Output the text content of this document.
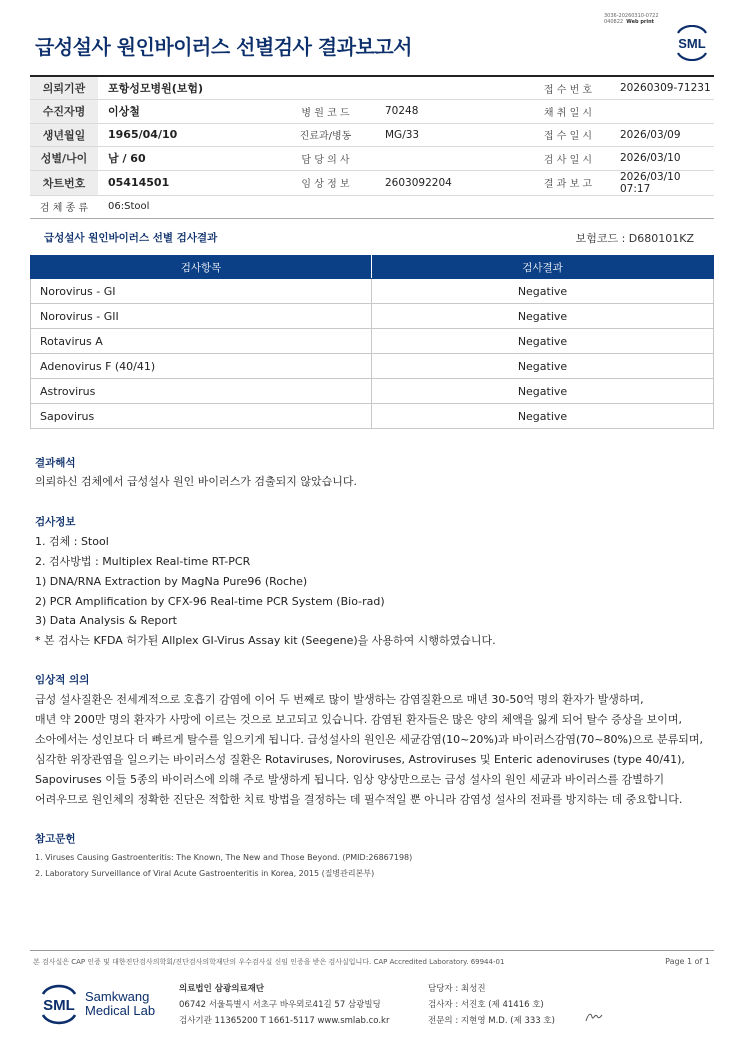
3036-20260310-0722
040822 Web print
급성설사 원인바이러스 선별검사 결과보고서	SML
의뢰기관	포항성모병원(보험)			접 수 번 호	20260309-71231
수진자명	이상철	병 원 코 드	70248	채 취 일 시	
생년월일	1965/04/10	진료과/병동	MG/33	접 수 일 시	2026/03/09
성별/나이	남 / 60	담 당 의 사		검 사 일 시	2026/03/10
차트번호	05414501	임 상 정 보	2603092204	결 과 보 고	2026/03/10 07:17
검 체 종 류	06:Stool				
급성설사 원인바이러스 선별 검사결과	보험코드 : D680101KZ
검사항목	검사결과
Norovirus - GI	Negative
Norovirus - GII	Negative
Rotavirus A	Negative
Adenovirus F (40/41)	Negative
Astrovirus	Negative
Sapovirus	Negative
결과해석
의뢰하신 검체에서 급성설사 원인 바이러스가 검출되지 않았습니다.
검사정보
1. 검체 : Stool
2. 검사방법 : Multiplex Real-time RT-PCR
1) DNA/RNA Extraction by MagNa Pure96 (Roche)
2) PCR Amplification by CFX-96 Real-time PCR System (Bio-rad)
3) Data Analysis & Report
* 본 검사는 KFDA 허가된 Allplex GI-Virus Assay kit (Seegene)을 사용하여 시행하였습니다.
임상적 의의
급성 설사질환은 전세계적으로 호흡기 감염에 이어 두 번째로 많이 발생하는 감염질환으로 매년 30-50억 명의 환자가 발생하며,
매년 약 200만 명의 환자가 사망에 이르는 것으로 보고되고 있습니다. 감염된 환자들은 많은 양의 체액을 잃게 되어 탈수 증상을 보이며,
소아에서는 성인보다 더 빠르게 탈수를 일으키게 됩니다. 급성설사의 원인은 세균감염(10~20%)과 바이러스감염(70~80%)으로 분류되며,
심각한 위장관염을 일으키는 바이러스성 질환은 Rotaviruses, Noroviruses, Astroviruses 및 Enteric adenoviruses (type 40/41),
Sapoviruses 이들 5종의 바이러스에 의해 주로 발생하게 됩니다. 임상 양상만으로는 급성 설사의 원인 세균과 바이러스를 감별하기
어려우므로 원인체의 정확한 진단은 적합한 치료 방법을 결정하는 데 필수적일 뿐 아니라 감염성 설사의 전파를 방지하는 데 중요합니다.
참고문헌
1. Viruses Causing Gastroenteritis: The Known, The New and Those Beyond. (PMID:26867198)
2. Laboratory Surveillance of Viral Acute Gastroenteritis in Korea, 2015 (질병관리본부)
본 검사실은 CAP 인증 및 대한진단검사의학회/진단검사의학재단의 우수검사실 신임 인증을 받은 검사실입니다. CAP Accredited Laboratory. 69944-01	Page 1 of 1
SML
Samkwang
Medical Lab
의료법인 삼광의료재단
06742 서울특별시 서초구 바우뫼로41길 57 삼광빌딩
검사기관 11365200 T 1661-5117 www.smlab.co.kr
담당자 : 최성진
검사자 : 서진호 (제 41416 호)
전문의 : 지현영 M.D. (제 333 호)
